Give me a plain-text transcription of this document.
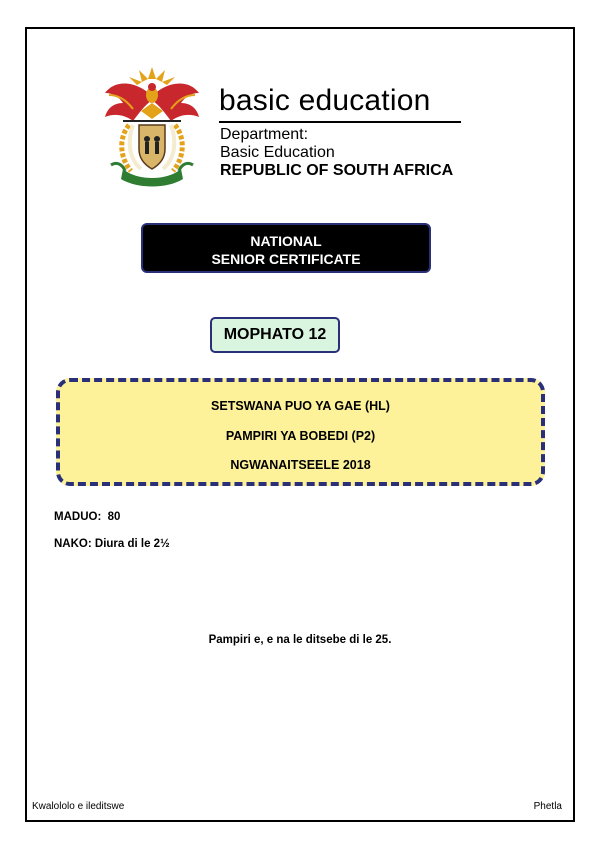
basic education
Department:
Basic Education
REPUBLIC OF SOUTH AFRICA
NATIONAL
SENIOR CERTIFICATE
MOPHATO 12
SETSWANA PUO YA GAE (HL)
PAMPIRI YA BOBEDI (P2)
NGWANAITSEELE 2018
MADUO:  80
NAKO: Diura di le 2½
Pampiri e, e na le ditsebe di le 25.
Kwalololo e ileditswe	Phetla
